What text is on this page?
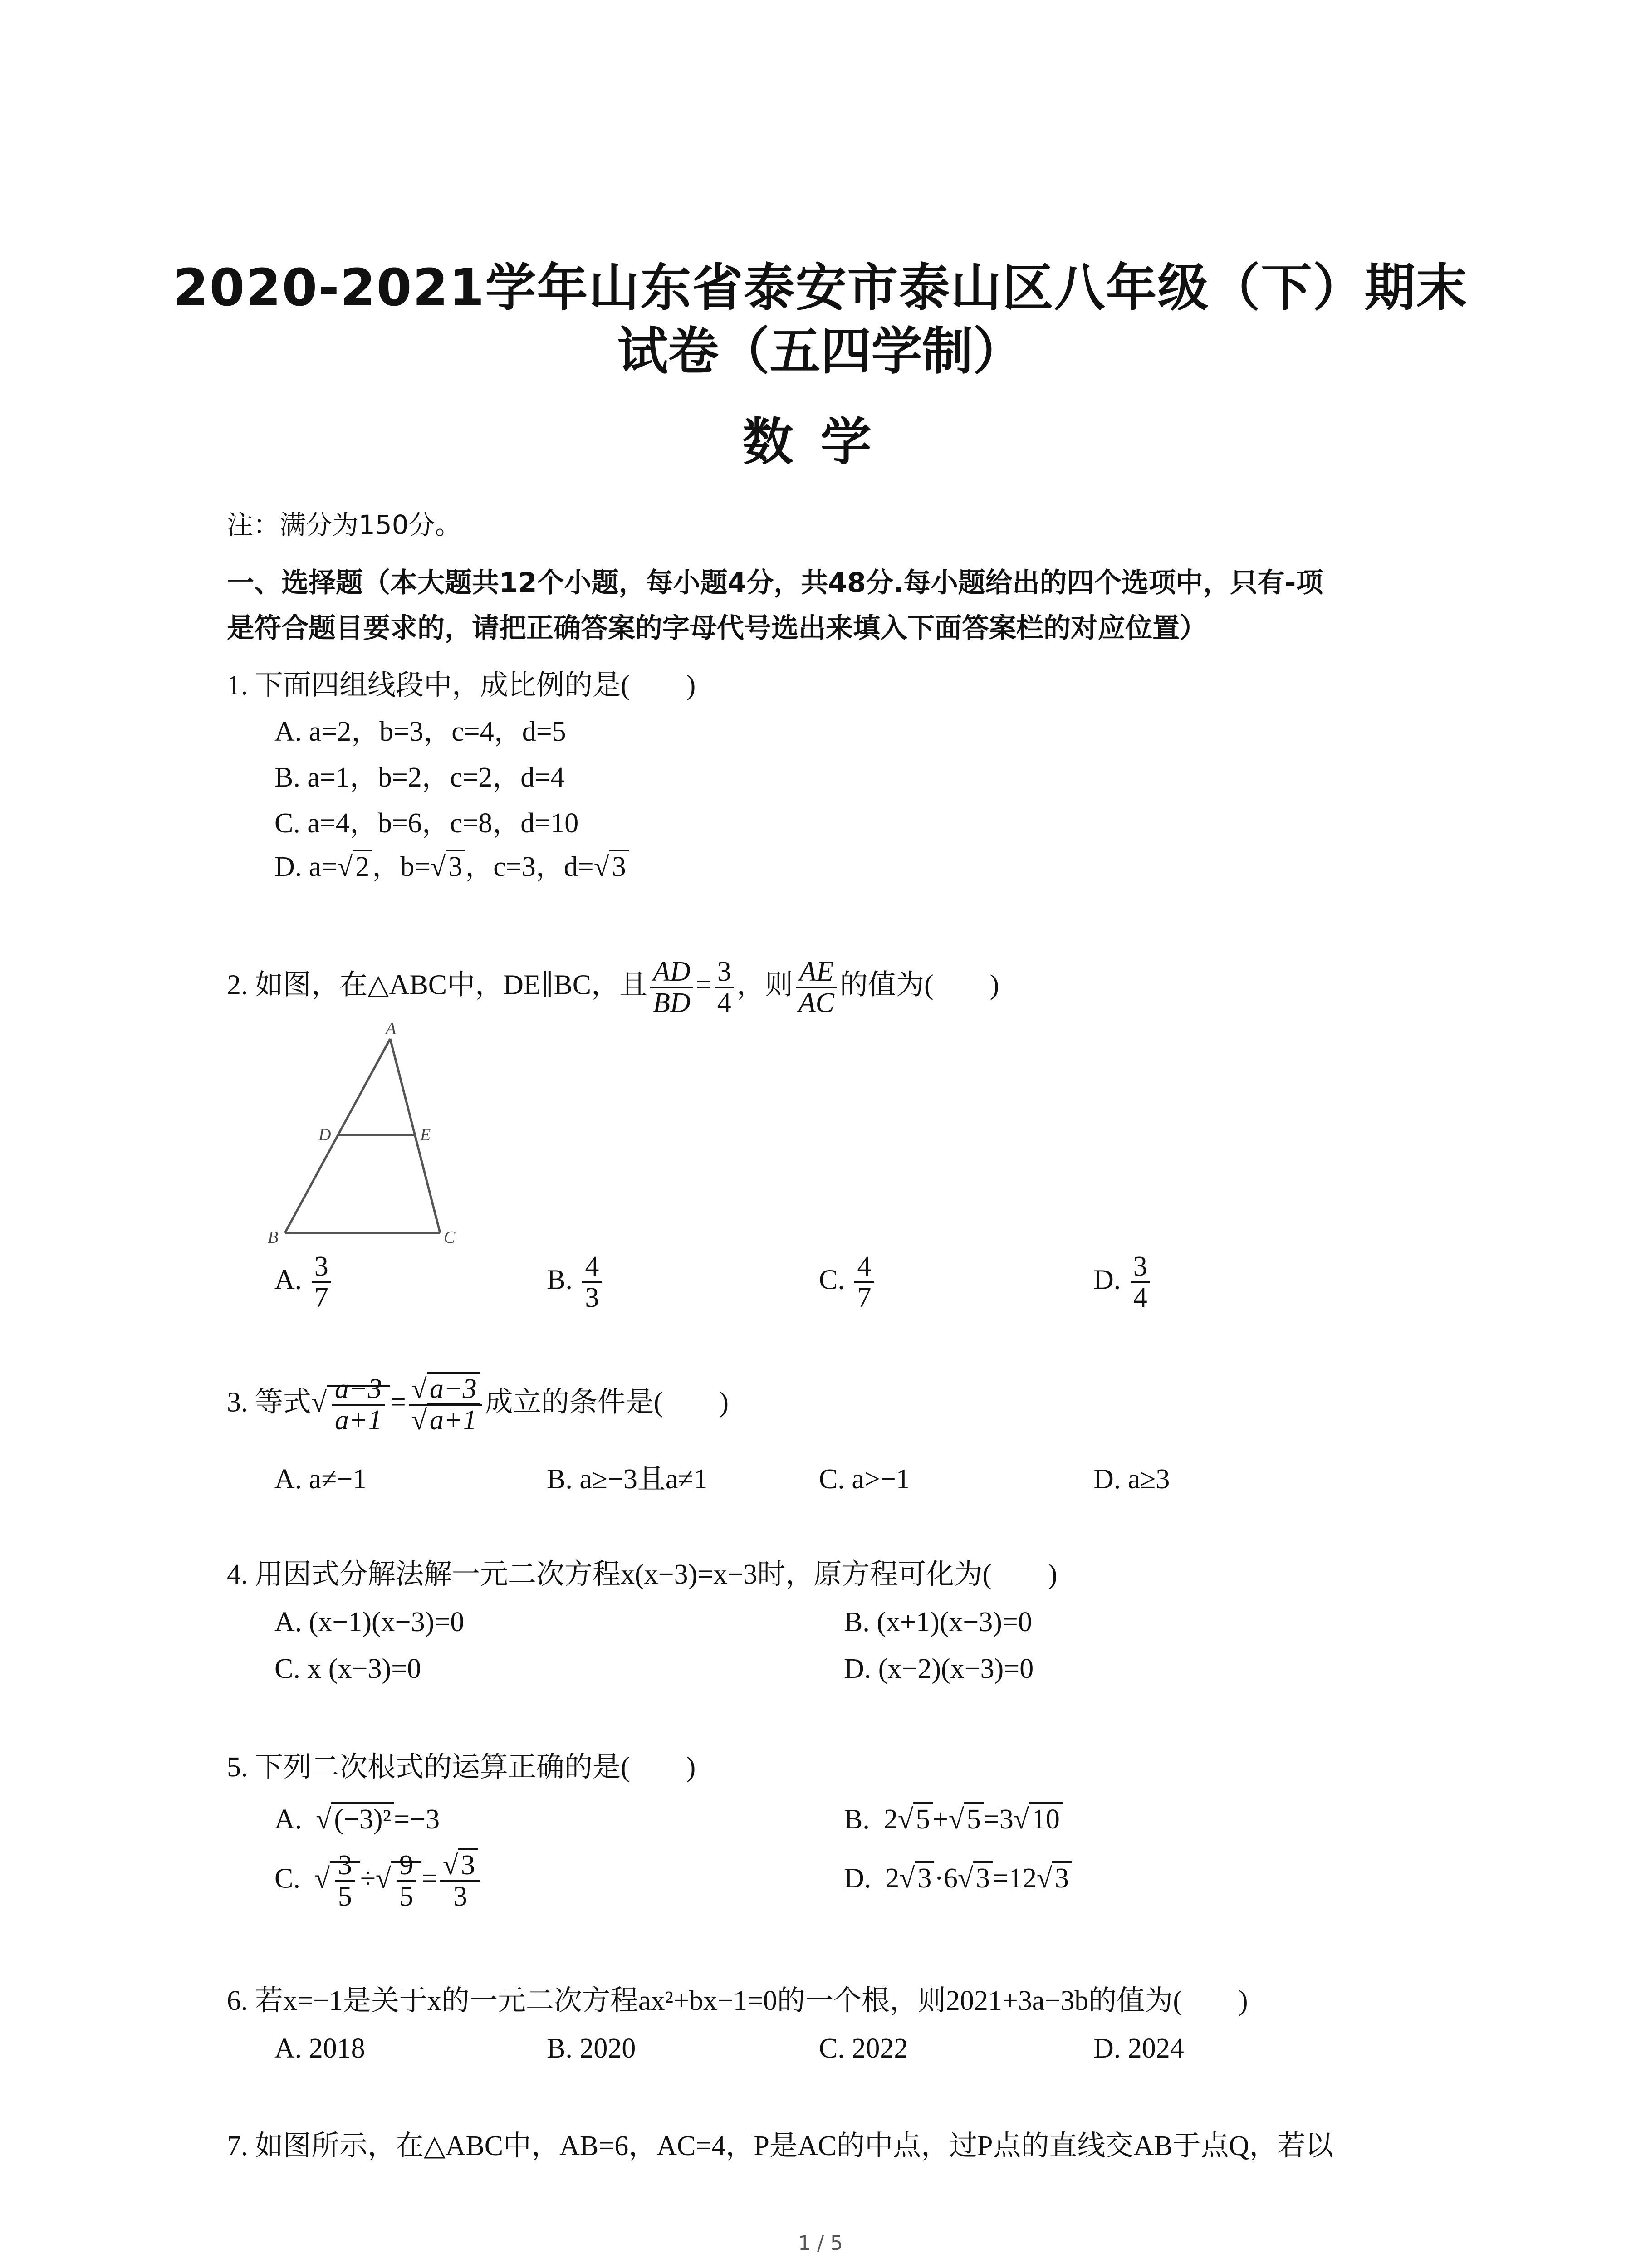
2020-2021学年山东省泰安市泰山区八年级（下）期末
试卷（五四学制）
数学
注：满分为150分。
一、选择题（本大题共12个小题，每小题4分，共48分.每小题给出的四个选项中，只有-项
是符合题目要求的，请把正确答案的字母代号选出来填入下面答案栏的对应位置）
1. 下面四组线段中，成比例的是(　　)
A. a=2，b=3，c=4，d=5
B. a=1，b=2，c=2，d=4
C. a=4，b=6，c=8，d=10
D. a=√2，b=√3，c=3，d=√3
2. 如图，在△ABC中，DE∥BC，且 $\frac{AD}{BD} = \frac{3}{4}$ ，则 $\frac{AE}{AC}$ 的值为(　　)
A
D	E
B	C
A. $\frac{3}{7}$	B. $\frac{4}{3}$	C. $\frac{4}{7}$	D. $\frac{3}{4}$
3. 等式√ $\frac{a-3}{a+1} = \frac{√a-3}{√a+1}$ 成立的条件是(　　)
A. a≠−1	B. a≥−3且a≠1	C. a>−1	D. a≥3
4. 用因式分解法解一元二次方程x(x−3)=x−3时，原方程可化为(　　)
A. (x−1)(x−3)=0	B. (x+1)(x−3)=0
C. x (x−3)=0	D. (x−2)(x−3)=0
5. 下列二次根式的运算正确的是(　　)
A. √(−3)²=−3	B. 2√5+√5=3√10
C. √ $\frac{3}{5}$ ÷√ $\frac{9}{5} = \frac{√3}{3}$	D. 2√3·6√3=12√3
6. 若x=−1是关于x的一元二次方程ax²+bx−1=0的一个根，则2021+3a−3b的值为(　　)
A. 2018	B. 2020	C. 2022	D. 2024
7. 如图所示，在△ABC中，AB=6，AC=4，P是AC的中点，过P点的直线交AB于点Q，若以
1 / 5
